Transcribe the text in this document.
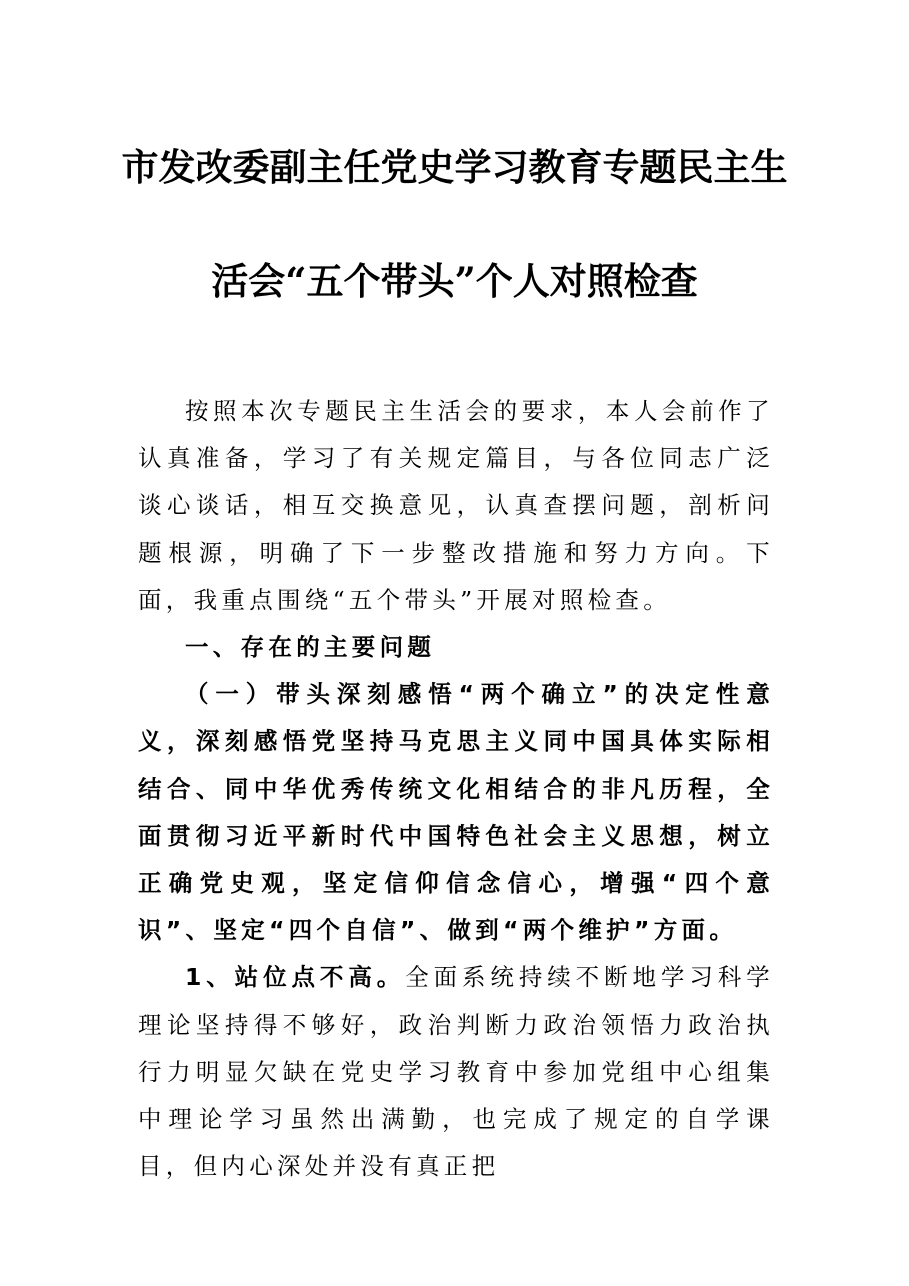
市发改委副主任党史学习教育专题民主生
活会“五个带头”个人对照检查

按照本次专题民主生活会的要求，本人会前作了认真准备，学习了有关规定篇目，与各位同志广泛谈心谈话，相互交换意见，认真查摆问题，剖析问题根源，明确了下一步整改措施和努力方向。下面，我重点围绕“五个带头”开展对照检查。

一、存在的主要问题

（一）带头深刻感悟“两个确立”的决定性意义，深刻感悟党坚持马克思主义同中国具体实际相结合、同中华优秀传统文化相结合的非凡历程，全面贯彻习近平新时代中国特色社会主义思想，树立正确党史观，坚定信仰信念信心，增强“四个意识”、坚定“四个自信”、做到“两个维护”方面。

1、站位点不高。全面系统持续不断地学习科学理论坚持得不够好，政治判断力政治领悟力政治执行力明显欠缺在党史学习教育中参加党组中心组集中理论学习虽然出满勤，也完成了规定的自学课目，但内心深处并没有真正把
